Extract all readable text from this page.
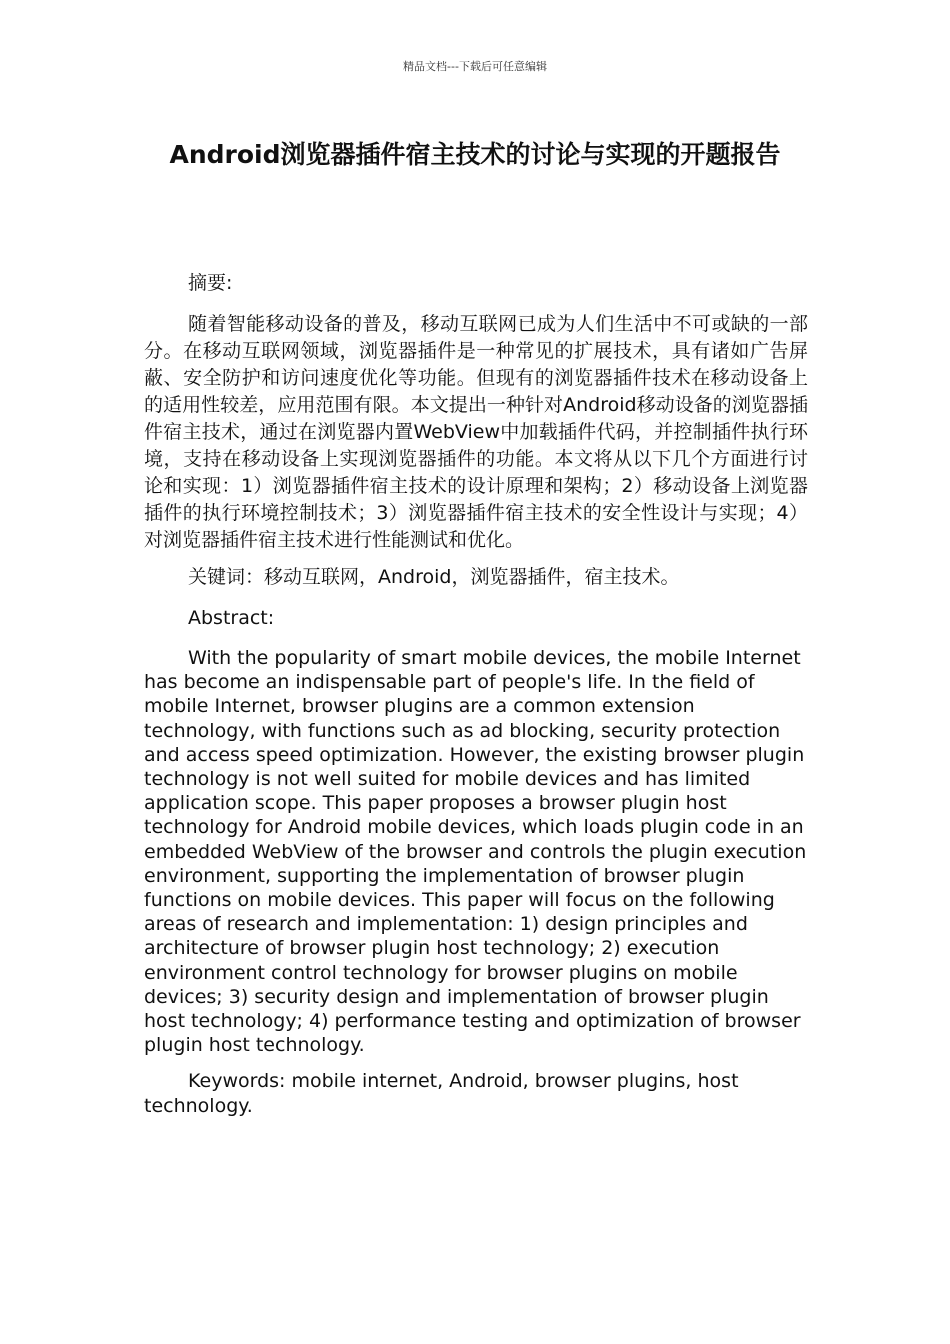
精品文档---下载后可任意编辑
Android浏览器插件宿主技术的讨论与实现的开题报告

摘要:

随着智能移动设备的普及，移动互联网已成为人们生活中不可或缺的一部分。在移动互联网领域，浏览器插件是一种常见的扩展技术，具有诸如广告屏蔽、安全防护和访问速度优化等功能。但现有的浏览器插件技术在移动设备上的适用性较差，应用范围有限。本文提出一种针对Android移动设备的浏览器插件宿主技术，通过在浏览器内置WebView中加载插件代码，并控制插件执行环境，支持在移动设备上实现浏览器插件的功能。本文将从以下几个方面进行讨论和实现：1）浏览器插件宿主技术的设计原理和架构；2）移动设备上浏览器插件的执行环境控制技术；3）浏览器插件宿主技术的安全性设计与实现；4）对浏览器插件宿主技术进行性能测试和优化。

关键词：移动互联网，Android，浏览器插件，宿主技术。

Abstract:

With the popularity of smart mobile devices, the mobile Internet has become an indispensable part of people's life. In the field of mobile Internet, browser plugins are a common extension technology, with functions such as ad blocking, security protection and access speed optimization. However, the existing browser plugin technology is not well suited for mobile devices and has limited application scope. This paper proposes a browser plugin host technology for Android mobile devices, which loads plugin code in an embedded WebView of the browser and controls the plugin execution environment, supporting the implementation of browser plugin functions on mobile devices. This paper will focus on the following areas of research and implementation: 1) design principles and architecture of browser plugin host technology; 2) execution environment control technology for browser plugins on mobile devices; 3) security design and implementation of browser plugin host technology; 4) performance testing and optimization of browser plugin host technology.

Keywords: mobile internet, Android, browser plugins, host technology.
